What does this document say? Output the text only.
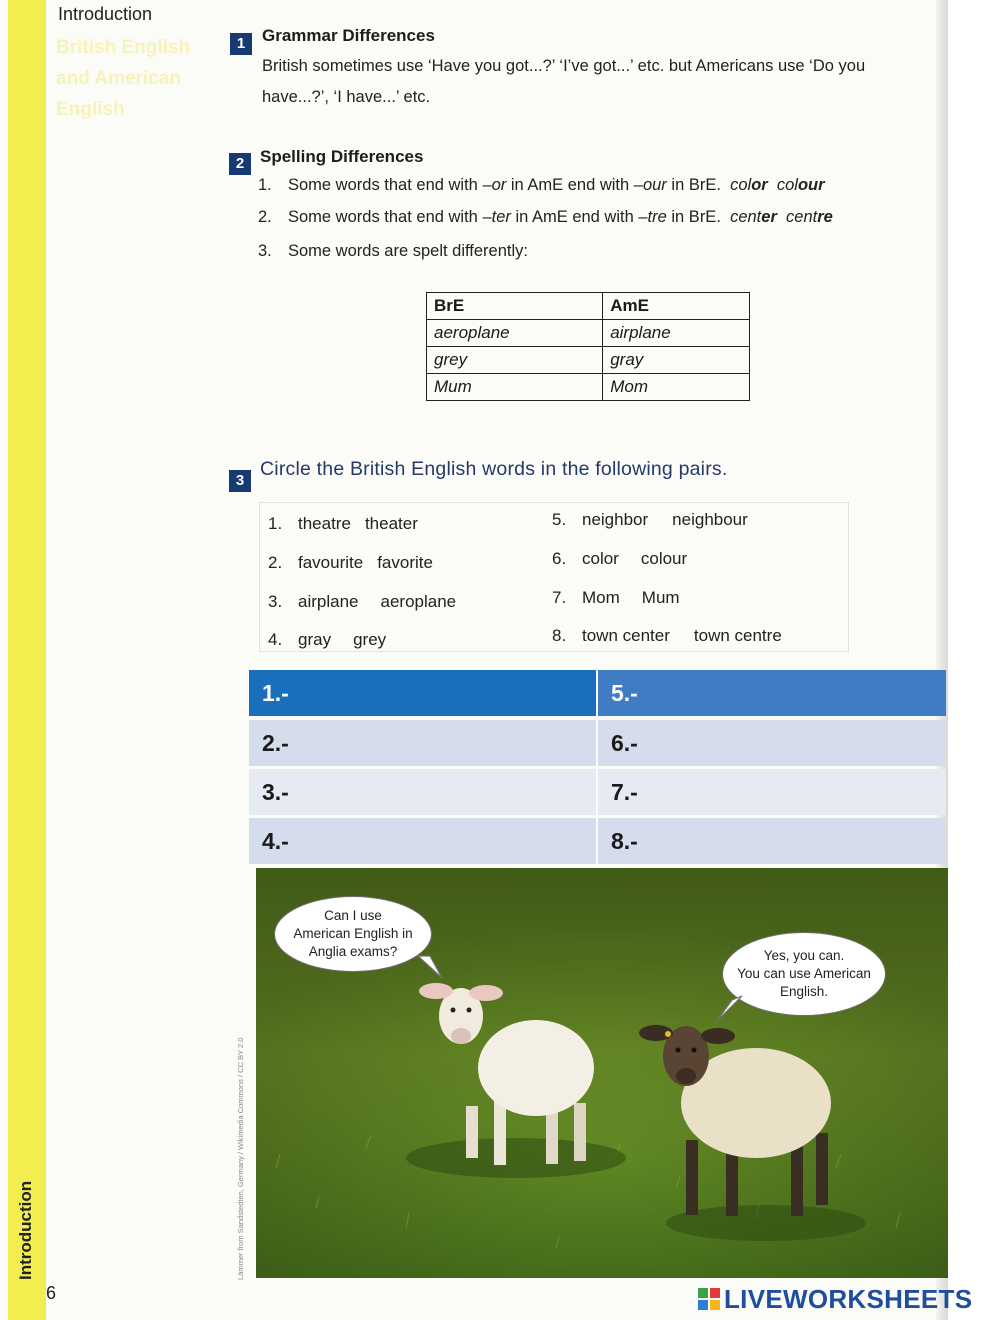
Introduction
British English
and American
English
1 Grammar Differences
British sometimes use ‘Have you got...?’ ‘I’ve got...’ etc. but Americans use ‘Do you
have...?’, ‘I have...’ etc.
2 Spelling Differences
1. Some words that end with –or in AmE end with –our in BrE. color colour
2. Some words that end with –ter in AmE end with –tre in BrE. center centre
3. Some words are spelt differently:
BrE	AmE
aeroplane	airplane
grey	gray
Mum	Mom
3
Circle the British English words in the following pairs.
1. theatre theater
2. favourite favorite
3. airplane aeroplane
4. gray grey
5. neighbor neighbour
6. color colour
7. Mom Mum
8. town center town centre
1.-	5.-
2.-	6.-
3.-	7.-
4.-	8.-
Can I use
American English in
Anglia exams?	Yes, you can.
You can use American
English.
Lämmer from Sandstedten, Germany / Wikimedia Commons / CC BY 2.0
Introduction
6	LIVEWORKSHEETS
